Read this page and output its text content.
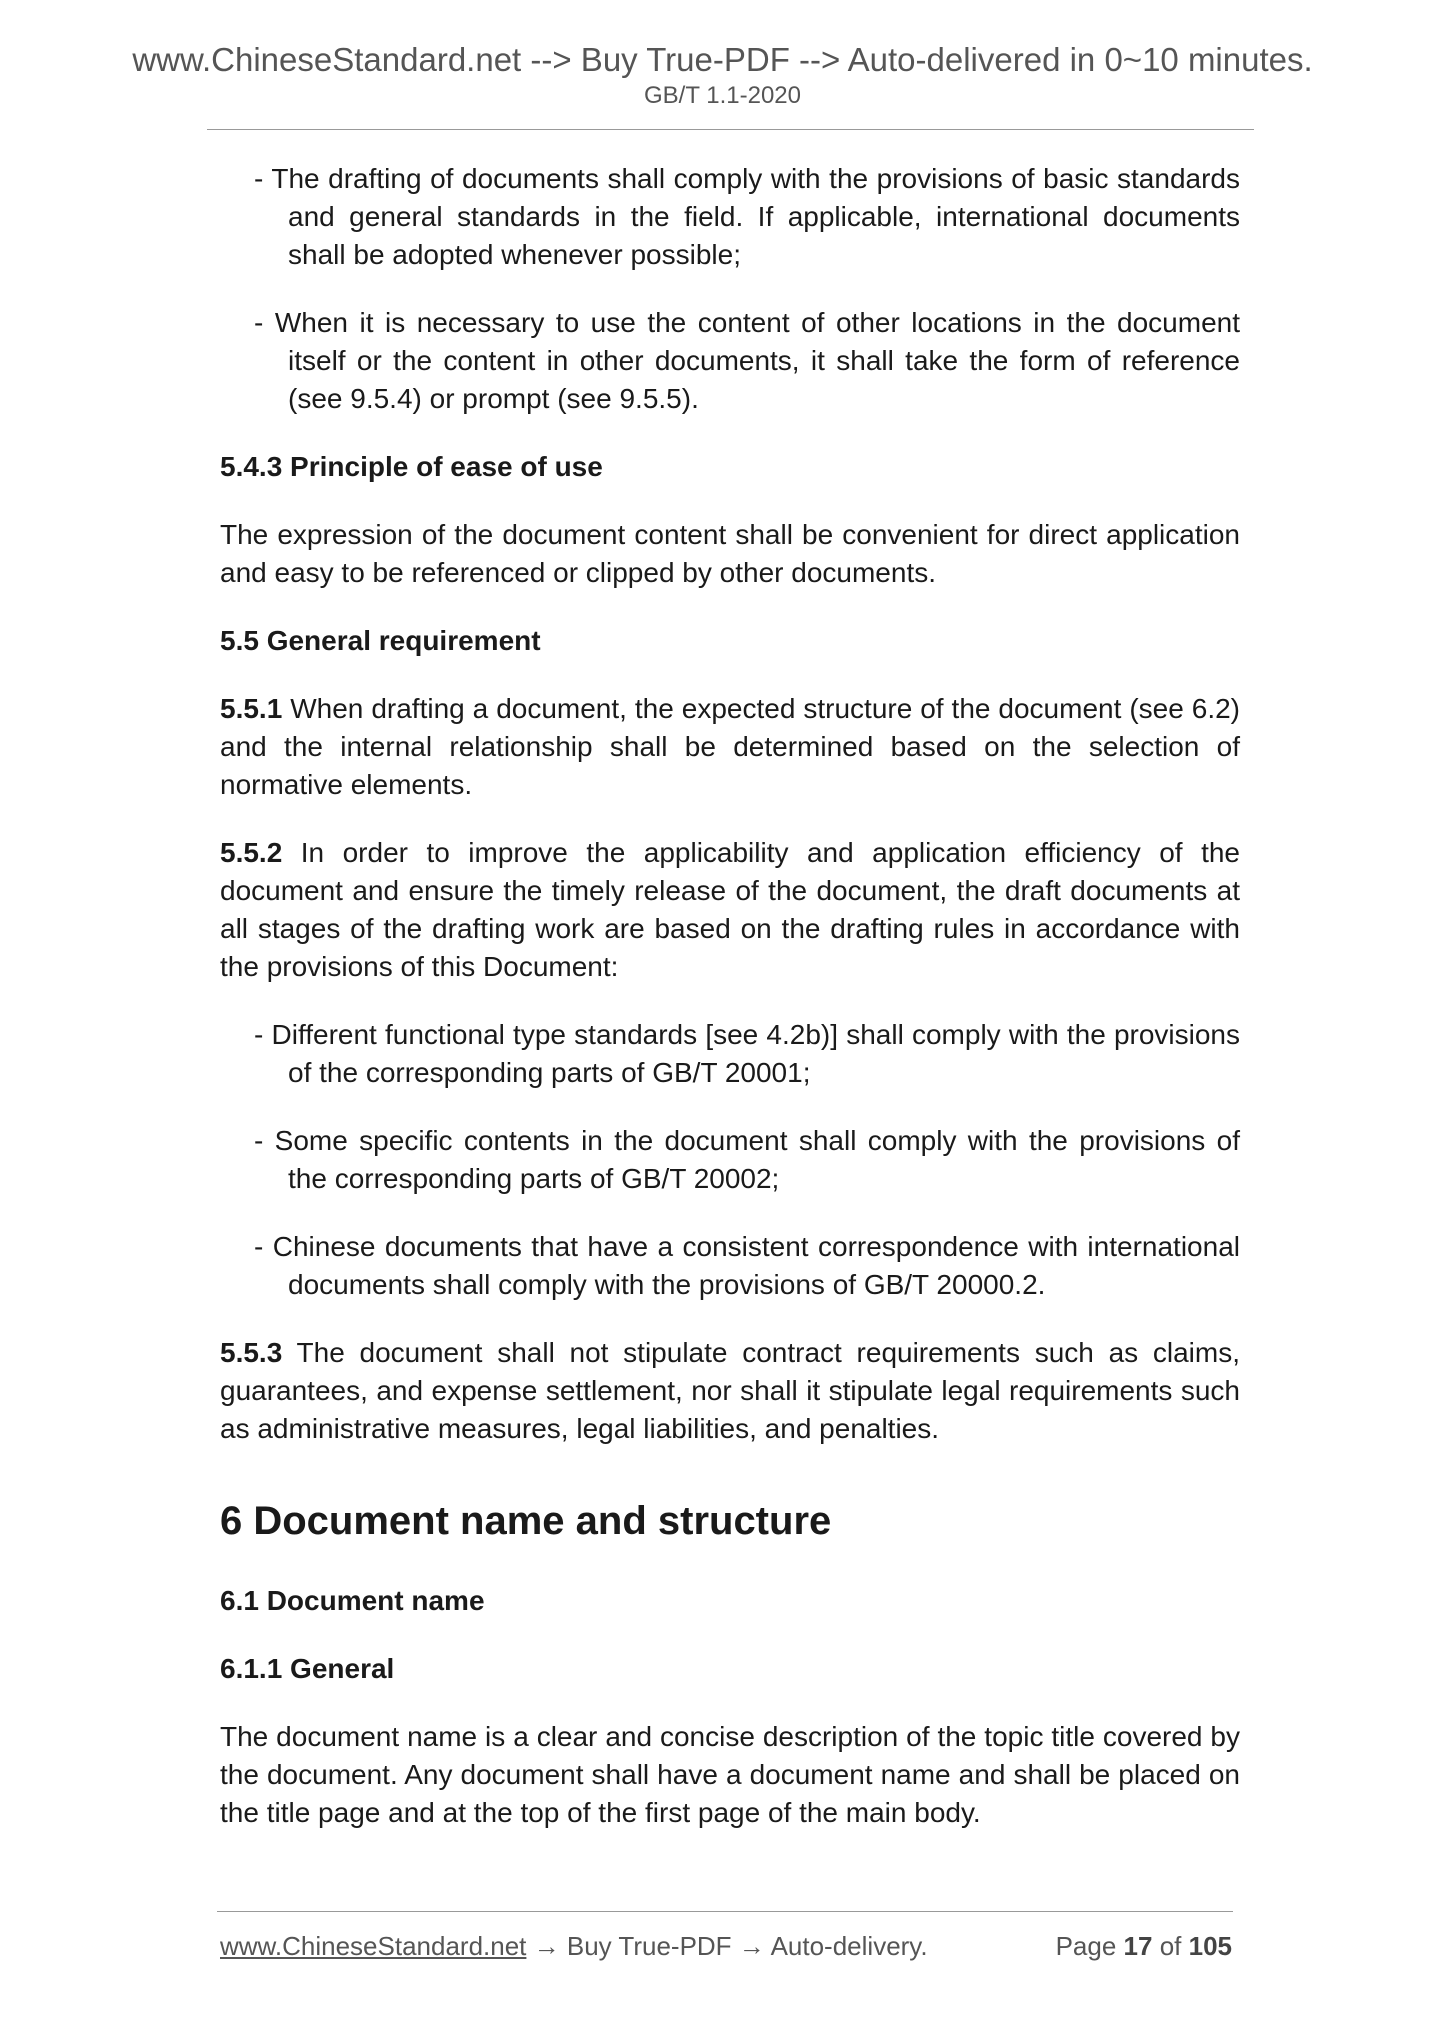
www.ChineseStandard.net --> Buy True-PDF --> Auto-delivered in 0~10 minutes.
GB/T 1.1-2020

- The drafting of documents shall comply with the provisions of basic standards and general standards in the field. If applicable, international documents shall be adopted whenever possible;

- When it is necessary to use the content of other locations in the document itself or the content in other documents, it shall take the form of reference (see 9.5.4) or prompt (see 9.5.5).

5.4.3 Principle of ease of use

The expression of the document content shall be convenient for direct application and easy to be referenced or clipped by other documents.

5.5 General requirement

5.5.1 When drafting a document, the expected structure of the document (see 6.2) and the internal relationship shall be determined based on the selection of normative elements.

5.5.2 In order to improve the applicability and application efficiency of the document and ensure the timely release of the document, the draft documents at all stages of the drafting work are based on the drafting rules in accordance with the provisions of this Document:

- Different functional type standards [see 4.2b)] shall comply with the provisions of the corresponding parts of GB/T 20001;

- Some specific contents in the document shall comply with the provisions of the corresponding parts of GB/T 20002;

- Chinese documents that have a consistent correspondence with international documents shall comply with the provisions of GB/T 20000.2.

5.5.3 The document shall not stipulate contract requirements such as claims, guarantees, and expense settlement, nor shall it stipulate legal requirements such as administrative measures, legal liabilities, and penalties.

6 Document name and structure

6.1 Document name

6.1.1 General

The document name is a clear and concise description of the topic title covered by the document. Any document shall have a document name and shall be placed on the title page and at the top of the first page of the main body.

www.ChineseStandard.net → Buy True-PDF → Auto-delivery.	Page 17 of 105
